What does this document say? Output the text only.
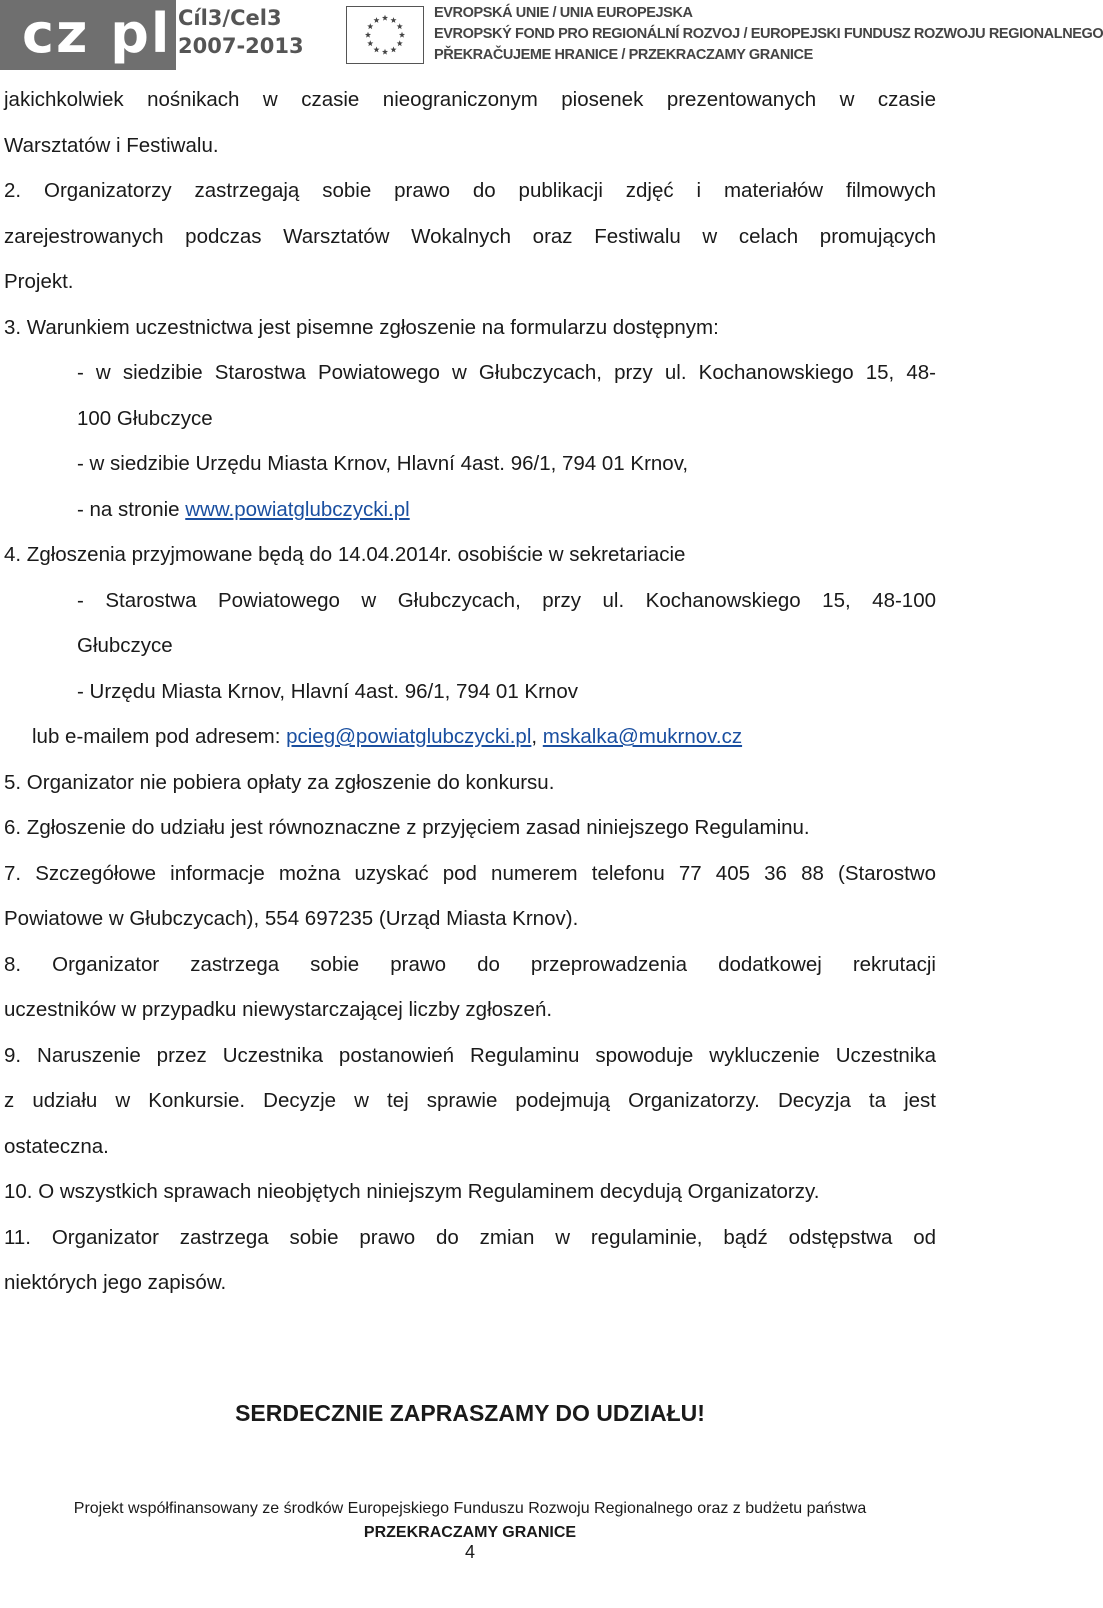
cz pl Cíl3/Cel3
2007-2013
EVROPSKÁ UNIE / UNIA EUROPEJSKA
EVROPSKÝ FOND PRO REGIONÁLNÍ ROZVOJ / EUROPEJSKI FUNDUSZ ROZWOJU REGIONALNEGO
PŘEKRAČUJEME HRANICE / PRZEKRACZAMY GRANICE

jakichkolwiek nośnikach w czasie nieograniczonym piosenek prezentowanych w czasie

Warsztatów i Festiwalu.

2. Organizatorzy zastrzegają sobie prawo do publikacji zdjęć i materiałów filmowych

zarejestrowanych podczas Warsztatów Wokalnych oraz Festiwalu w celach promujących

Projekt.

3. Warunkiem uczestnictwa jest pisemne zgłoszenie na formularzu dostępnym:

- w siedzibie Starostwa Powiatowego w Głubczycach, przy ul. Kochanowskiego 15, 48-

100 Głubczyce

- w siedzibie Urzędu Miasta Krnov, Hlavní 4ast. 96/1, 794 01 Krnov,

- na stronie www.powiatglubczycki.pl

4. Zgłoszenia przyjmowane będą do 14.04.2014r. osobiście w sekretariacie

- Starostwa Powiatowego w Głubczycach, przy ul. Kochanowskiego 15, 48-100

Głubczyce

- Urzędu Miasta Krnov, Hlavní 4ast. 96/1, 794 01 Krnov

lub e-mailem pod adresem: pcieg@powiatglubczycki.pl, mskalka@mukrnov.cz

5. Organizator nie pobiera opłaty za zgłoszenie do konkursu.

6. Zgłoszenie do udziału jest równoznaczne z przyjęciem zasad niniejszego Regulaminu.

7. Szczegółowe informacje można uzyskać pod numerem telefonu 77 405 36 88 (Starostwo

Powiatowe w Głubczycach), 554 697235 (Urząd Miasta Krnov).

8. Organizator zastrzega sobie prawo do przeprowadzenia dodatkowej rekrutacji

uczestników w przypadku niewystarczającej liczby zgłoszeń.

9. Naruszenie przez Uczestnika postanowień Regulaminu spowoduje wykluczenie Uczestnika

z udziału w Konkursie. Decyzje w tej sprawie podejmują Organizatorzy. Decyzja ta jest

ostateczna.

10. O wszystkich sprawach nieobjętych niniejszym Regulaminem decydują Organizatorzy.

11. Organizator zastrzega sobie prawo do zmian w regulaminie, bądź odstępstwa od

niektórych jego zapisów.

SERDECZNIE ZAPRASZAMY DO UDZIAŁU!
Projekt współfinansowany ze środków Europejskiego Funduszu Rozwoju Regionalnego oraz z budżetu państwa
PRZEKRACZAMY GRANICE
4
